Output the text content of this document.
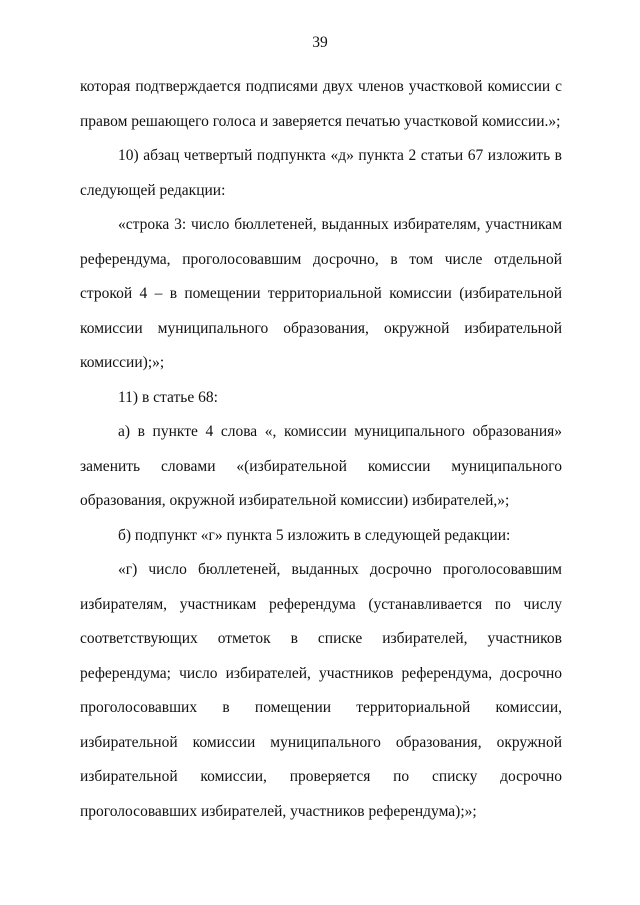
39

которая подтверждается подписями двух членов участковой комиссии с правом решающего голоса и заверяется печатью участковой комиссии.»;

10) абзац четвертый подпункта «д» пункта 2 статьи 67 изложить в следующей редакции:

«строка 3: число бюллетеней, выданных избирателям, участникам референдума, проголосовавшим досрочно, в том числе отдельной строкой 4 – в помещении территориальной комиссии (избирательной комиссии муниципального образования, окружной избирательной комиссии);»;

11) в статье 68:

а) в пункте 4 слова «, комиссии муниципального образования» заменить словами «(избирательной комиссии муниципального образования, окружной избирательной комиссии) избирателей,»;

б) подпункт «г» пункта 5 изложить в следующей редакции:

«г) число бюллетеней, выданных досрочно проголосовавшим избирателям, участникам референдума (устанавливается по числу соответствующих отметок в списке избирателей, участников референдума; число избирателей, участников референдума, досрочно проголосовавших в помещении территориальной комиссии, избирательной комиссии муниципального образования, окружной избирательной комиссии, проверяется по списку досрочно проголосовавших избирателей, участников референдума);»;
